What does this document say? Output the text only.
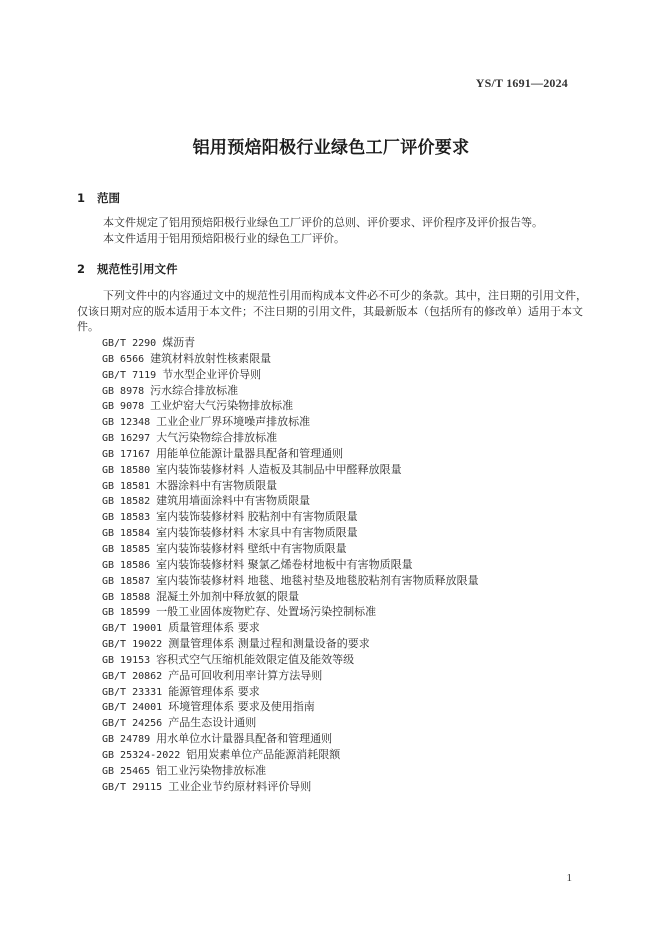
YS/T 1691—2024
铝用预焙阳极行业绿色工厂评价要求
1 范围

本文件规定了铝用预焙阳极行业绿色工厂评价的总则、评价要求、评价程序及评价报告等。

本文件适用于铝用预焙阳极行业的绿色工厂评价。

2 规范性引用文件

下列文件中的内容通过文中的规范性引用而构成本文件必不可少的条款。其中，注日期的引用文件，仅该日期对应的版本适用于本文件；不注日期的引用文件，其最新版本（包括所有的修改单）适用于本文件。

GB/T 2290 煤沥青
GB 6566 建筑材料放射性核素限量
GB/T 7119 节水型企业评价导则
GB 8978 污水综合排放标准
GB 9078 工业炉窑大气污染物排放标准
GB 12348 工业企业厂界环境噪声排放标准
GB 16297 大气污染物综合排放标准
GB 17167 用能单位能源计量器具配备和管理通则
GB 18580 室内装饰装修材料 人造板及其制品中甲醛释放限量
GB 18581 木器涂料中有害物质限量
GB 18582 建筑用墙面涂料中有害物质限量
GB 18583 室内装饰装修材料 胶粘剂中有害物质限量
GB 18584 室内装饰装修材料 木家具中有害物质限量
GB 18585 室内装饰装修材料 壁纸中有害物质限量
GB 18586 室内装饰装修材料 聚氯乙烯卷材地板中有害物质限量
GB 18587 室内装饰装修材料 地毯、地毯衬垫及地毯胶粘剂有害物质释放限量
GB 18588 混凝土外加剂中释放氨的限量
GB 18599 一般工业固体废物贮存、处置场污染控制标准
GB/T 19001 质量管理体系 要求
GB/T 19022 测量管理体系 测量过程和测量设备的要求
GB 19153 容积式空气压缩机能效限定值及能效等级
GB/T 20862 产品可回收利用率计算方法导则
GB/T 23331 能源管理体系 要求
GB/T 24001 环境管理体系 要求及使用指南
GB/T 24256 产品生态设计通则
GB 24789 用水单位水计量器具配备和管理通则
GB 25324-2022 铝用炭素单位产品能源消耗限额
GB 25465 铝工业污染物排放标准
GB/T 29115 工业企业节约原材料评价导则
1
